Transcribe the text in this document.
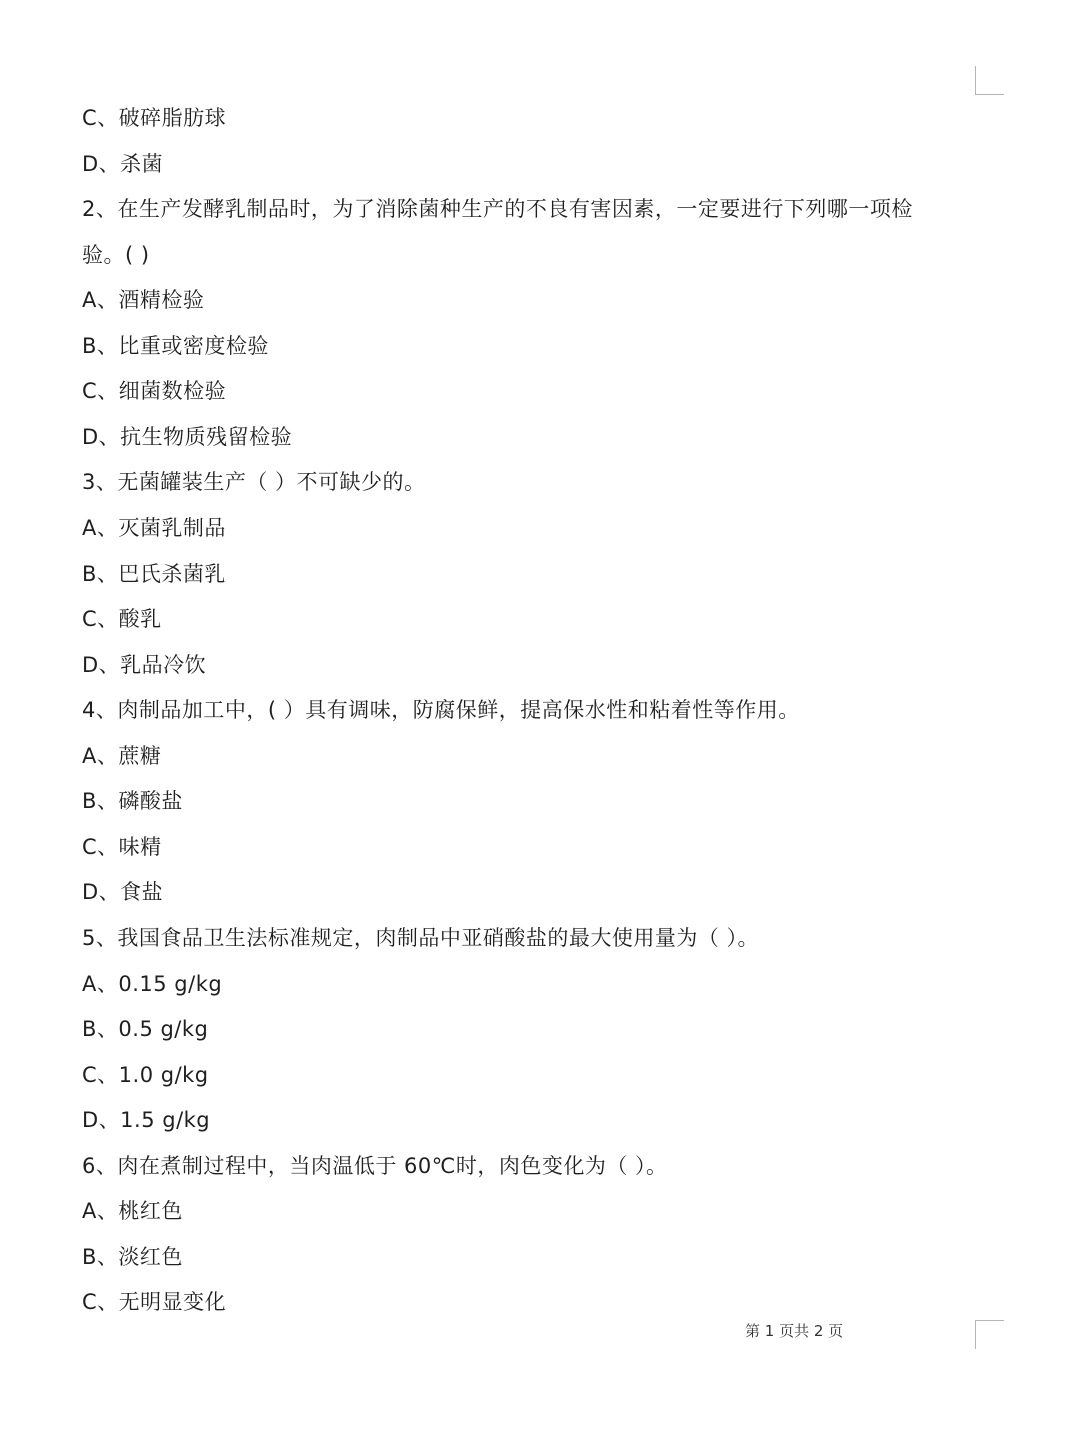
C、破碎脂肪球
D、杀菌
2、在生产发酵乳制品时，为了消除菌种生产的不良有害因素，一定要进行下列哪一项检
验。( )
A、酒精检验
B、比重或密度检验
C、细菌数检验
D、抗生物质残留检验
3、无菌罐装生产（ ）不可缺少的。
A、灭菌乳制品
B、巴氏杀菌乳
C、酸乳
D、乳品冷饮
4、肉制品加工中，( ）具有调味，防腐保鲜，提高保水性和粘着性等作用。
A、蔗糖
B、磷酸盐
C、味精
D、食盐
5、我国食品卫生法标准规定，肉制品中亚硝酸盐的最大使用量为（ ）。
A、0.15 g/kg
B、0.5 g/kg
C、1.0 g/kg
D、1.5 g/kg
6、肉在煮制过程中，当肉温低于 60℃时，肉色变化为（ ）。
A、桃红色
B、淡红色
C、无明显变化
第 1 页共 2 页
